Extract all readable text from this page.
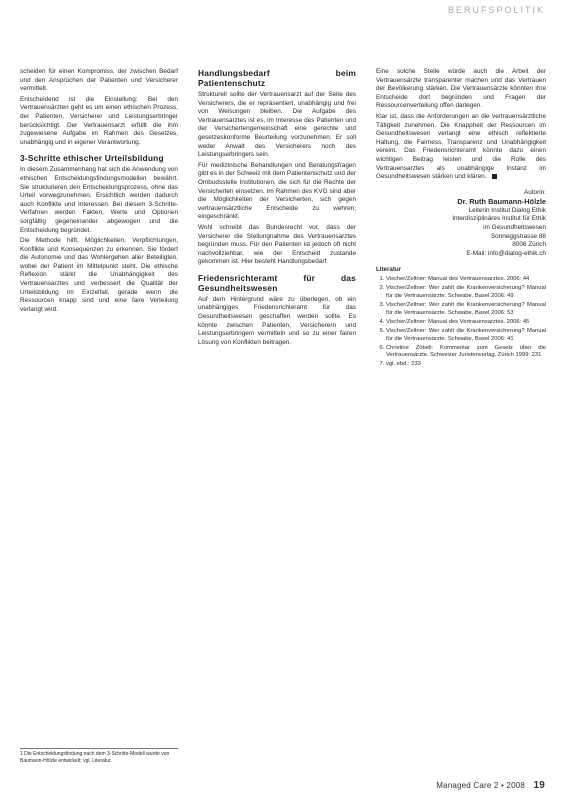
BERUFSPOLITIK

scheiden für einen Kompromiss, der zwischen Bedarf und den Ansprüchen der Patienten und Versicherer vermittelt.

Entscheidend ist die Einstellung: Bei den Vertrauensärzten geht es um einen ethischen Prozess, der Patienten, Versicherer und Leistungserbringer berücksichtigt. Der Vertrauensarzt erfüllt die ihm zugewiesene Aufgabe im Rahmen des Gesetzes, unabhängig und in eigener Verantwortung.

3-Schritte ethischer Urteilsbildung

In diesem Zusammenhang hat sich die Anwendung von ethischen Entscheidungsfindungsmodellen bewährt. Sie strukturieren den Entscheidungsprozess, ohne das Urteil vorwegzunehmen. Ersichtlich werden dadurch auch Konflikte und Interessen. Bei diesem 3-Schritte-Verfahren werden Fakten, Werte und Optionen sorgfältig gegeneinander abgewogen und die Entscheidung begründet.

Die Methode hilft, Möglichkeiten, Verpflichtungen, Konflikte und Konsequenzen zu erkennen. Sie fördert die Autonomie und das Wohlergehen aller Beteiligten, wobei der Patient im Mittelpunkt steht. Die ethische Reflexion stärkt die Unabhängigkeit des Vertrauensarztes und verbessert die Qualität der Urteilsbildung im Einzelfall, gerade wenn die Ressourcen knapp sind und eine faire Verteilung verlangt wird.

1 Die Entscheidungsfindung nach dem 3-Schritte-Modell wurde von Baumann-Hölzle entwickelt; vgl. Literatur.
Handlungsbedarf beim Patientenschutz

Strukturell sollte der Vertrauensarzt auf der Seite des Versicherers, die er repräsentiert, unabhängig und frei von Weisungen bleiben. Die Aufgabe des Vertrauensarztes ist es, im Interesse des Patienten und der Versichertengemeinschaft eine gerechte und gesetzeskonforme Beurteilung vorzunehmen. Er soll weder Anwalt des Versicherers noch des Leistungserbringers sein.

Für medizinische Behandlungen und Beratungsfragen gibt es in der Schweiz mit dem Patientenschutz und der Ombudsstelle Institutionen, die sich für die Rechte der Versicherten einsetzen. Im Rahmen des KVG sind aber die Möglichkeiten der Versicherten, sich gegen vertrauensärztliche Entscheide zu wehren, eingeschränkt.

Wohl schreibt das Bundesrecht vor, dass der Versicherer die Stellungnahme des Vertrauensarztes begründen muss. Für den Patienten ist jedoch oft nicht nachvollziehbar, wie der Entscheid zustande gekommen ist. Hier besteht Handlungsbedarf.

Friedensrichteramt für das Gesundheitswesen

Auf dem Hintergrund wäre zu überlegen, ob ein unabhängiges Friedensrichteramt für das Gesundheitswesen geschaffen werden sollte. Es könnte zwischen Patienten, Versicherern und Leistungserbringern vermitteln und so zu einer fairen Lösung von Konflikten beitragen.

Eine solche Stelle würde auch die Arbeit der Vertrauensärzte transparenter machen und das Vertrauen der Bevölkerung stärken. Die Vertrauensärzte könnten ihre Entscheide dort begründen und Fragen der Ressourcenverteilung offen darlegen.

Klar ist, dass die Anforderungen an die vertrauensärztliche Tätigkeit zunehmen. Die Knappheit der Ressourcen im Gesundheitswesen verlangt eine ethisch reflektierte Haltung, die Fairness, Transparenz und Unabhängigkeit vereint. Das Friedensrichteramt könnte dazu einen wichtigen Beitrag leisten und die Rolle des Vertrauensarztes als unabhängige Instanz im Gesundheitswesen stärken und klären.

Autorin:
Dr. Ruth Baumann-Hölzle
Leiterin Institut Dialog Ethik
Interdisziplinäres Institut für Ethik
im Gesundheitswesen
Sonneggstrasse 88
8006 Zürich
E-Mail: info@dialog-ethik.ch
Literatur
1. Vischer/Zeltner: Manual des Vertrauensarztes. 2006: 44
2. Vischer/Zeltner: Wer zahlt die Krankenversicherung? Manual für die Vertrauensärzte. Schwabe, Basel 2006: 49
3. Vischer/Zeltner: Wer zahlt die Krankenversicherung? Manual für die Vertrauensärzte. Schwabe, Basel 2006: 53
4. Vischer/Zeltner: Manual des Vertrauensarztes. 2006: 45
5. Vischer/Zeltner: Wer zahlt die Krankenversicherung? Manual für die Vertrauensärzte. Schwabe, Basel 2006: 41
6. Christine Zöbeli: Kommentar zum Gesetz über die Vertrauensärzte. Schweizer Juristenverlag, Zürich 1999: 231
7. vgl. ebd.: 233
Managed Care 2 • 2008 19
